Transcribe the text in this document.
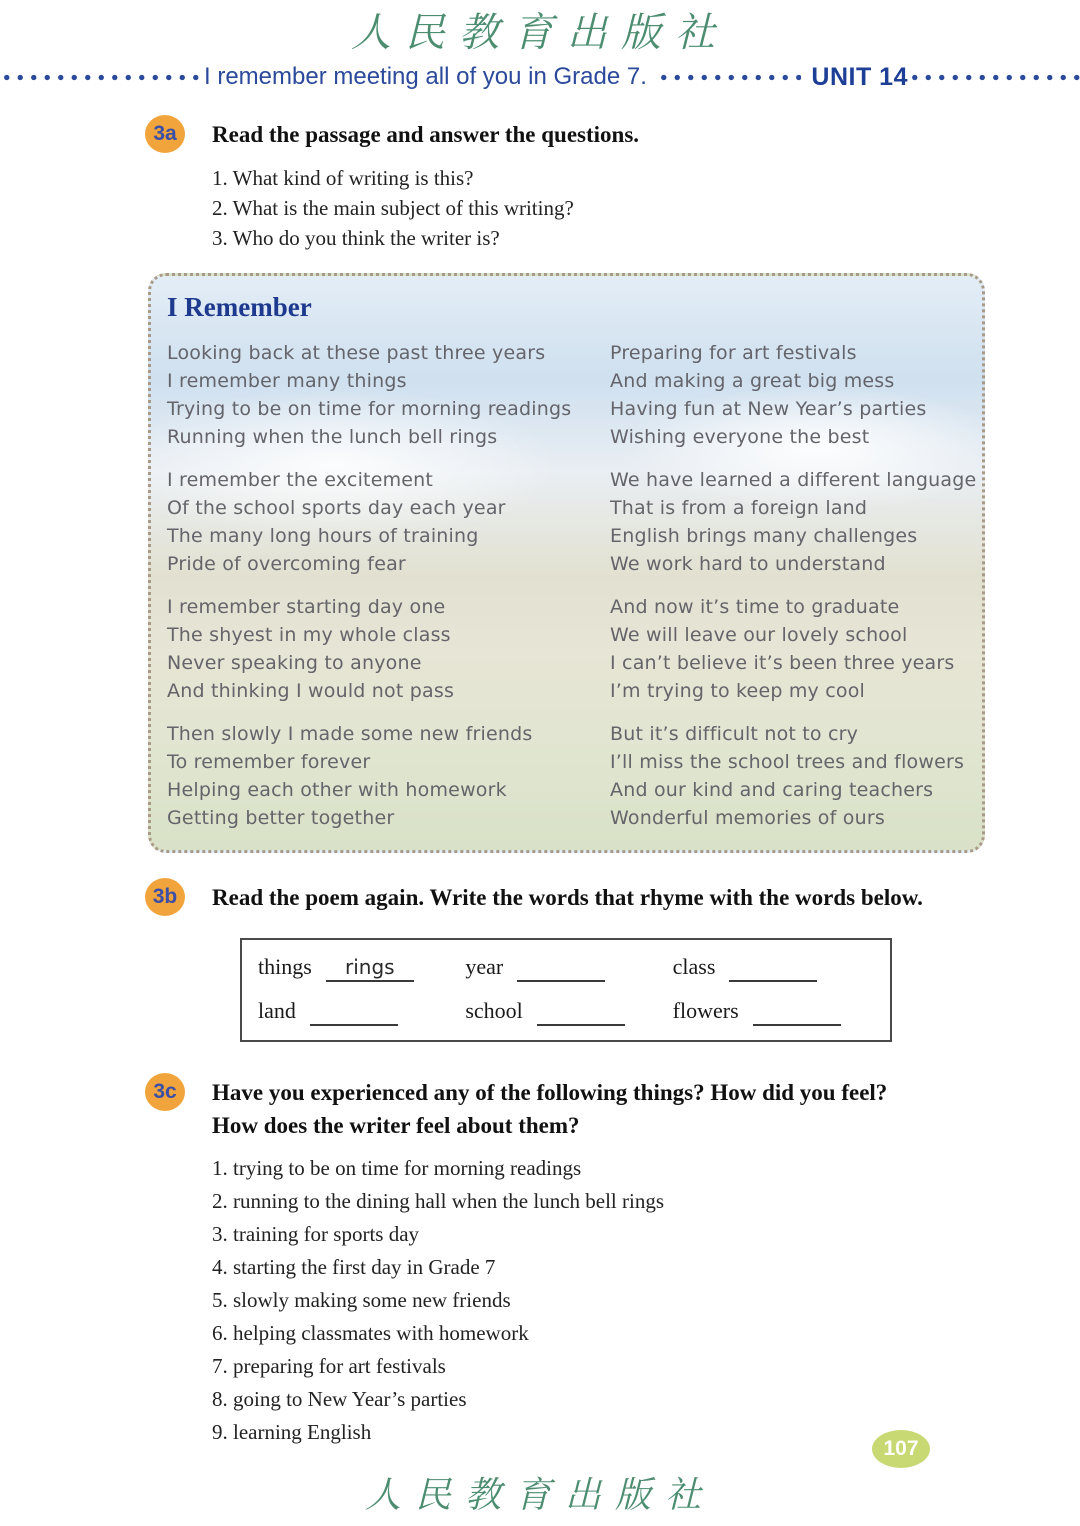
人民教育出版社
I remember meeting all of you in Grade 7.	UNIT 14
3a	Read the passage and answer the questions.
1. What kind of writing is this?
2. What is the main subject of this writing?
3. Who do you think the writer is?
I Remember
Looking back at these past three years
I remember many things
Trying to be on time for morning readings
Running when the lunch bell rings
I remember the excitement
Of the school sports day each year
The many long hours of training
Pride of overcoming fear
I remember starting day one
The shyest in my whole class
Never speaking to anyone
And thinking I would not pass
Then slowly I made some new friends
To remember forever
Helping each other with homework
Getting better together
Preparing for art festivals
And making a great big mess
Having fun at New Year’s parties
Wishing everyone the best
We have learned a different language
That is from a foreign land
English brings many challenges
We work hard to understand
And now it’s time to graduate
We will leave our lovely school
I can’t believe it’s been three years
I’m trying to keep my cool
But it’s difficult not to cry
I’ll miss the school trees and flowers
And our kind and caring teachers
Wonderful memories of ours
3b	Read the poem again. Write the words that rhyme with the words below.
things	rings	year	class
land	school	flowers
3c	Have you experienced any of the following things? How did you feel?
How does the writer feel about them?
1. trying to be on time for morning readings
2. running to the dining hall when the lunch bell rings
3. training for sports day
4. starting the first day in Grade 7
5. slowly making some new friends
6. helping classmates with homework
7. preparing for art festivals
8. going to New Year’s parties
9. learning English
107
人民教育出版社
